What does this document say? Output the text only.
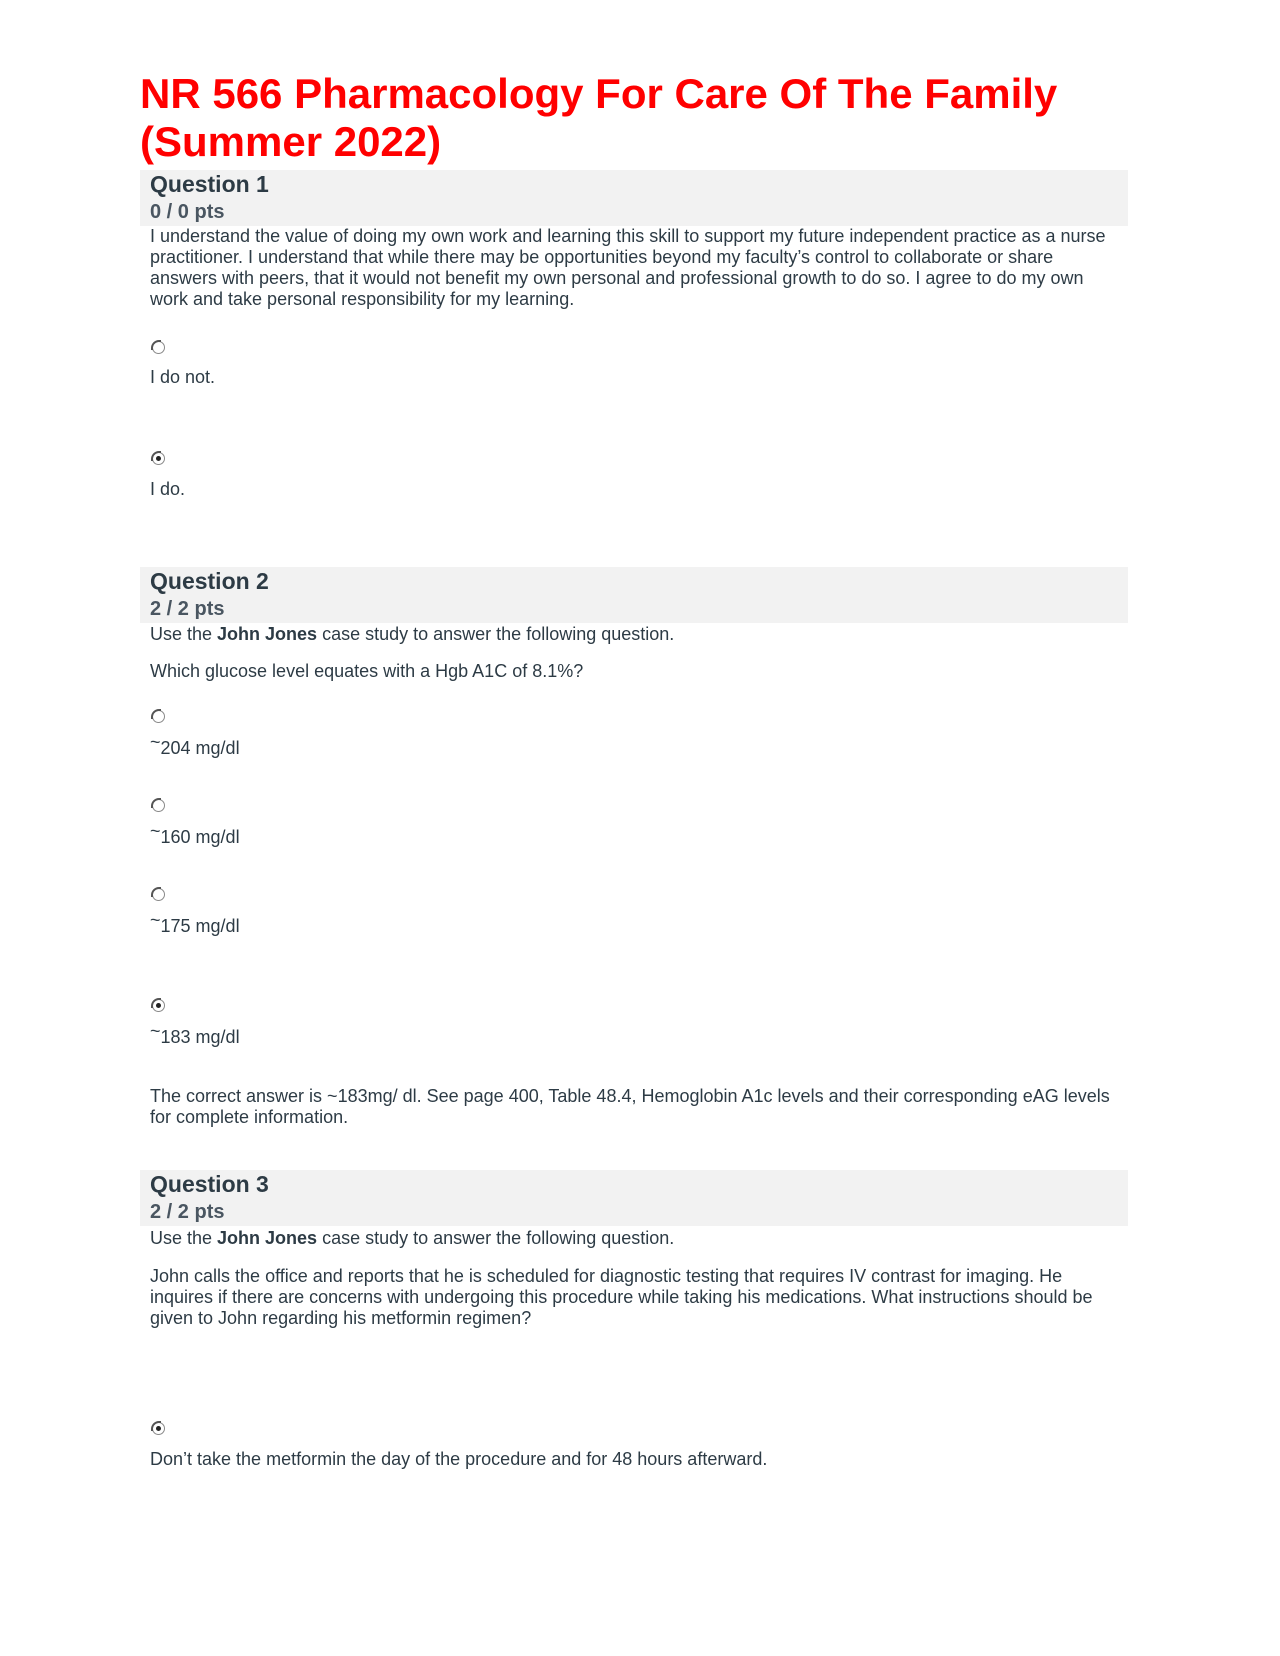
NR 566 Pharmacology For Care Of The Family
(Summer 2022)
Question 1
0 / 0 pts

I understand the value of doing my own work and learning this skill to support my future independent practice as a nurse practitioner. I understand that while there may be opportunities beyond my faculty’s control to collaborate or share answers with peers, that it would not benefit my own personal and professional growth to do so. I agree to do my own work and take personal responsibility for my learning.

I do not.
I do.
Question 2
2 / 2 pts

Use the John Jones case study to answer the following question.

Which glucose level equates with a Hgb A1C of 8.1%?

~204 mg/dl
~160 mg/dl
~175 mg/dl
~183 mg/dl
The correct answer is ~183mg/ dl. See page 400, Table 48.4, Hemoglobin A1c levels and their corresponding eAG levels for complete information.
Question 3
2 / 2 pts

Use the John Jones case study to answer the following question.

John calls the office and reports that he is scheduled for diagnostic testing that requires IV contrast for imaging. He inquires if there are concerns with undergoing this procedure while taking his medications. What instructions should be given to John regarding his metformin regimen?

Don’t take the metformin the day of the procedure and for 48 hours afterward.
